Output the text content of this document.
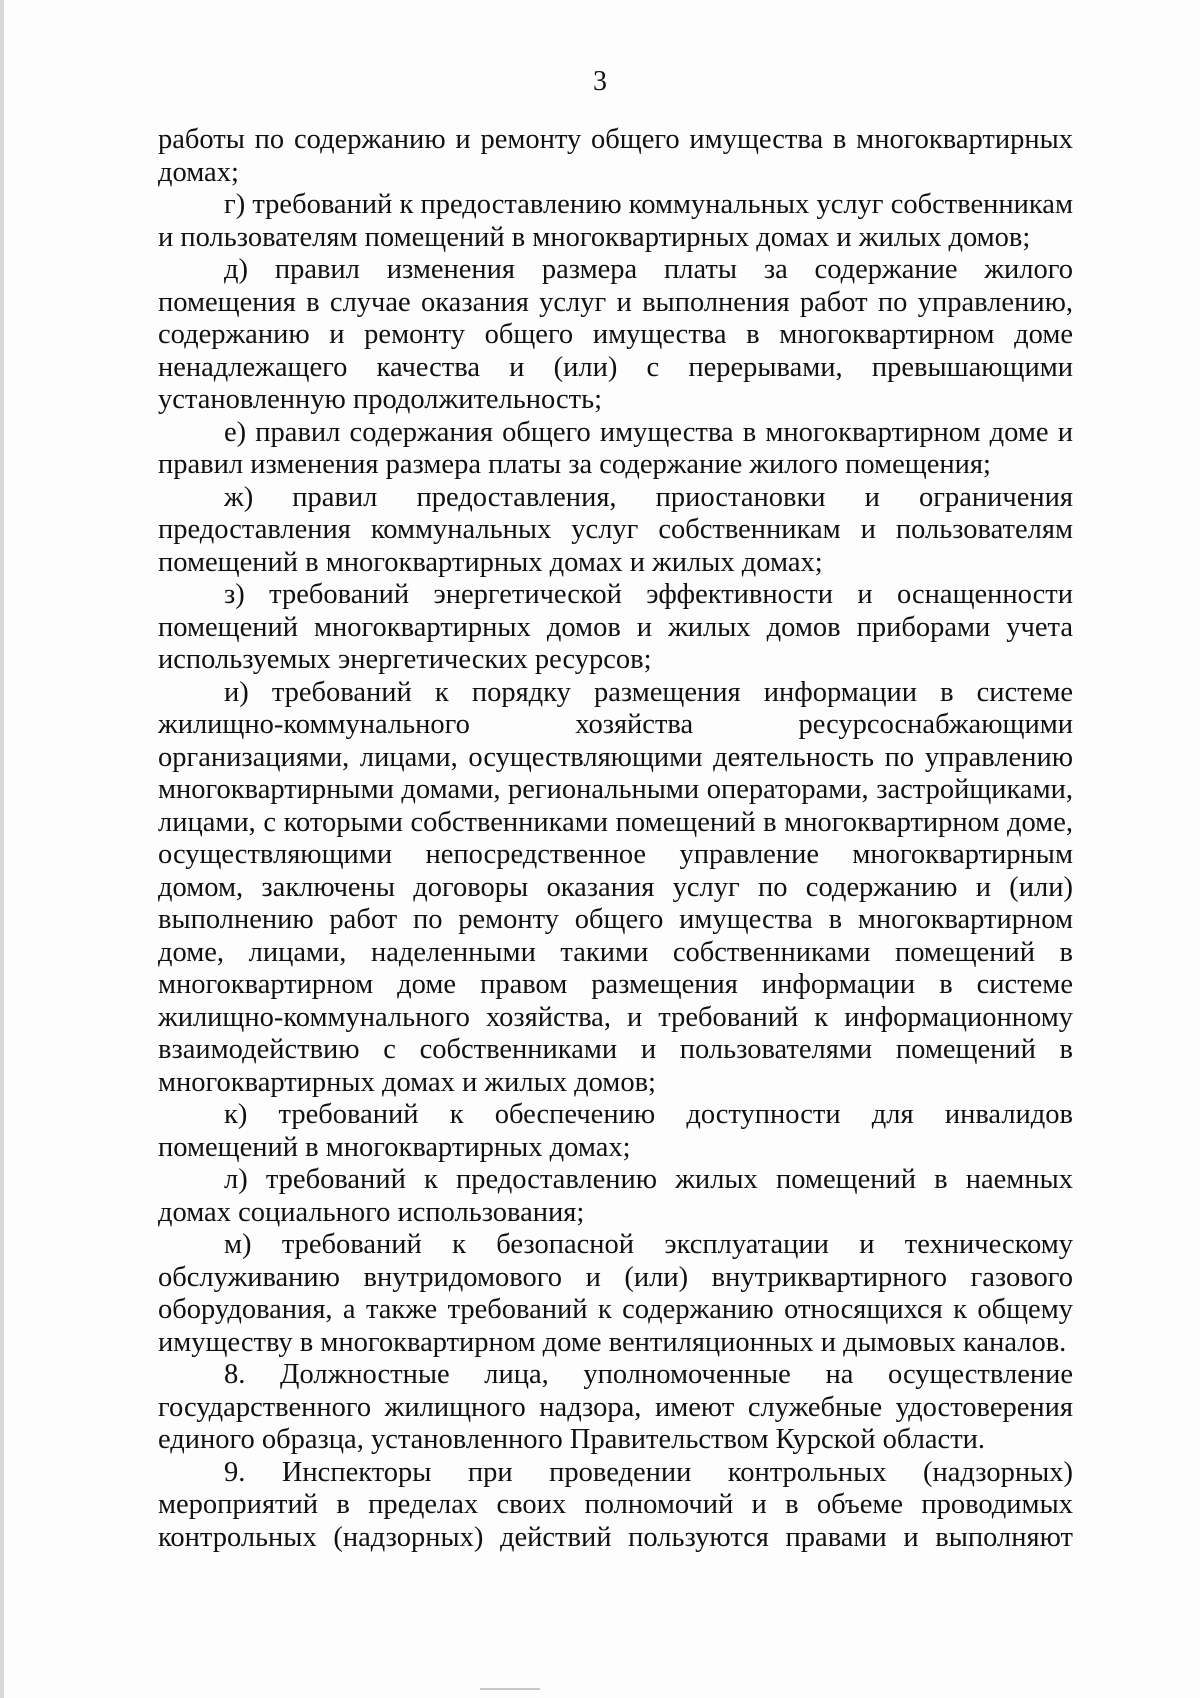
3

работы по содержанию и ремонту общего имущества в многоквартирных домах;

г) требований к предоставлению коммунальных услуг собственникам и пользователям помещений в многоквартирных домах и жилых домов;

д) правил изменения размера платы за содержание жилого помещения в случае оказания услуг и выполнения работ по управлению, содержанию и ремонту общего имущества в многоквартирном доме ненадлежащего качества и (или) с перерывами, превышающими установленную продолжительность;

е) правил содержания общего имущества в многоквартирном доме и правил изменения размера платы за содержание жилого помещения;

ж) правил предоставления, приостановки и ограничения предоставления коммунальных услуг собственникам и пользователям помещений в многоквартирных домах и жилых домах;

з) требований энергетической эффективности и оснащенности помещений многоквартирных домов и жилых домов приборами учета используемых энергетических ресурсов;

и) требований к порядку размещения информации в системе жилищно-коммунального хозяйства ресурсоснабжающими организациями, лицами, осуществляющими деятельность по управлению многоквартирными домами, региональными операторами, застройщиками, лицами, с которыми собственниками помещений в многоквартирном доме, осуществляющими непосредственное управление многоквартирным домом, заключены договоры оказания услуг по содержанию и (или) выполнению работ по ремонту общего имущества в многоквартирном доме, лицами, наделенными такими собственниками помещений в многоквартирном доме правом размещения информации в системе жилищно-коммунального хозяйства, и требований к информационному взаимодействию с собственниками и пользователями помещений в многоквартирных домах и жилых домов;

к) требований к обеспечению доступности для инвалидов помещений в многоквартирных домах;

л) требований к предоставлению жилых помещений в наемных домах социального использования;

м) требований к безопасной эксплуатации и техническому обслуживанию внутридомового и (или) внутриквартирного газового оборудования, а также требований к содержанию относящихся к общему имуществу в многоквартирном доме вентиляционных и дымовых каналов.

8. Должностные лица, уполномоченные на осуществление государственного жилищного надзора, имеют служебные удостоверения единого образца, установленного Правительством Курской области.

9. Инспекторы при проведении контрольных (надзорных) мероприятий в пределах своих полномочий и в объеме проводимых контрольных (надзорных) действий пользуются правами и выполняют
